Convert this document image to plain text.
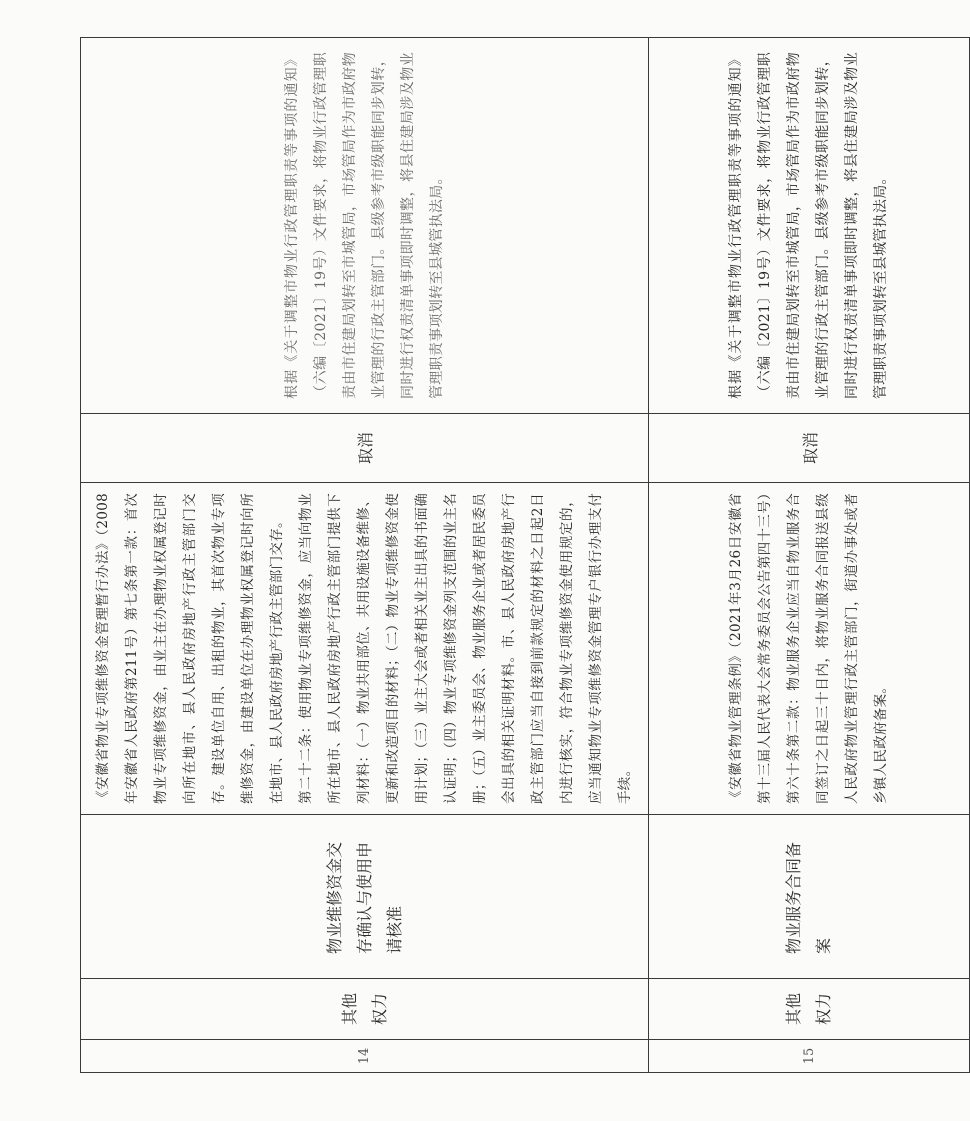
14	其他权力	物业维修资金交存确认与使用申请核准	《安徽省物业专项维修资金管理暂行办法》（2008年安徽省人民政府第211号）第七条第一款：首次物业专项维修资金，由业主在办理物业权属登记时向所在地市、县人民政府房地产行政主管部门交存。建设单位自用、出租的物业，其首次物业专项维修资金，由建设单位在办理物业权属登记时向所在地市、县人民政府房地产行政主管部门交存。 第二十二条：使用物业专项维修资金，应当向物业所在地市、县人民政府房地产行政主管部门提供下列材料：（一）物业共用部位、共用设施设备维修、更新和改造项目的材料；（二）物业专项维修资金使用计划；（三）业主大会或者相关业主出具的书面确认证明；（四）物业专项维修资金列支范围的业主名册；（五）业主委员会、物业服务企业或者居民委员会出具的相关证明材料。市、县人民政府房地产行政主管部门应当自接到前款规定的材料之日起2日内进行核实，符合物业专项维修资金使用规定的，应当通知物业专项维修资金管理专户银行办理支付手续。	取消	根据《关于调整市物业行政管理职责等事项的通知》（六编〔2021〕19号）文件要求，将物业行政管理职责由市住建局划转至市城管局，市场管局作为市政府物业管理的行政主管部门。县级参考市级职能同步划转，同时进行权责清单事项即时调整，将县住建局涉及物业管理职责事项划转至县城管执法局。
15	其他权力	物业服务合同备案	《安徽省物业管理条例》（2021年3月26日安徽省第十三届人民代表大会常务委员会公告第四十三号）第六十条第二款：物业服务企业应当自物业服务合同签订之日起三十日内，将物业服务合同报送县级人民政府物业管理行政主管部门，街道办事处或者乡镇人民政府备案。	取消	根据《关于调整市物业行政管理职责等事项的通知》（六编〔2021〕19号）文件要求，将物业行政管理职责由市住建局划转至市城管局，市场管局作为市政府物业管理的行政主管部门。县级参考市级职能同步划转，同时进行权责清单事项即时调整，将县住建局涉及物业管理职责事项划转至县城管执法局。
